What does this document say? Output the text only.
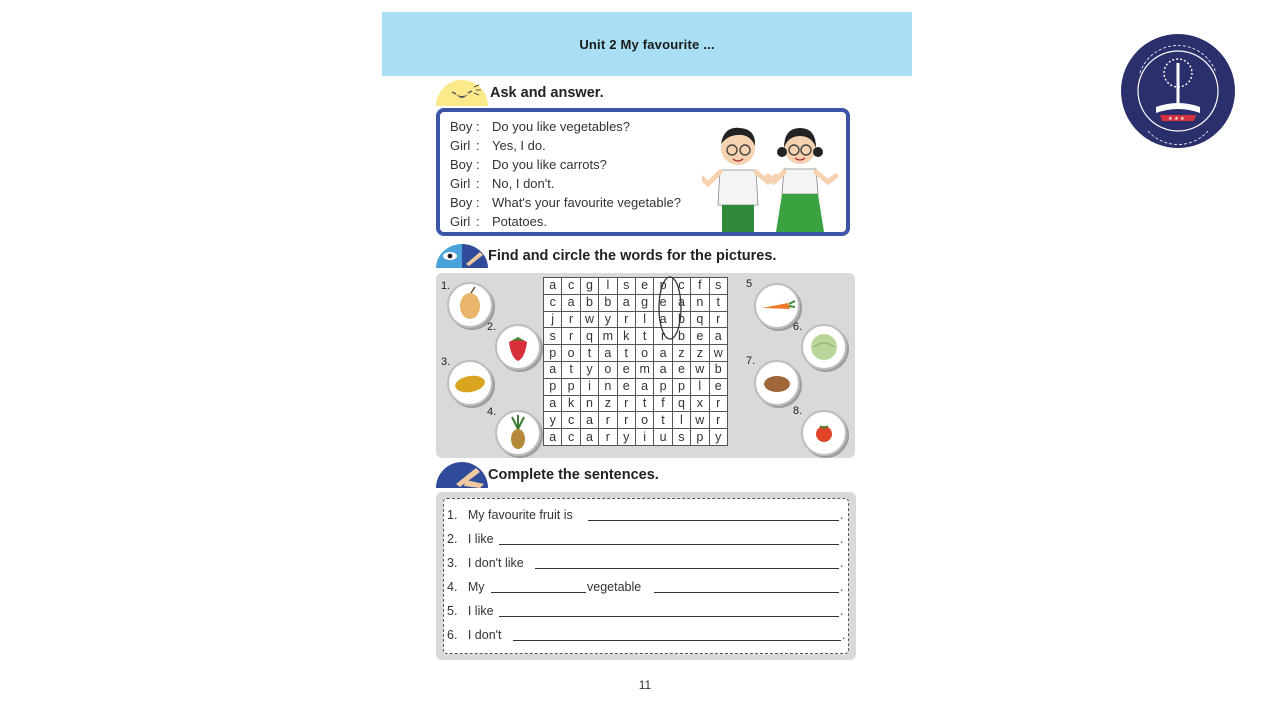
Unit 2 My favourite ...
Ask and answer.
Boy : Do you like vegetables?
Girl : Yes, I do.
Boy : Do you like carrots?
Girl : No, I don't.
Boy : What's your favourite vegetable?
Girl : Potatoes.
Find and circle the words for the pictures.
a	c	g	l	s	e	p	c	f	s
c	a	b	b	a	g	e	a	n	t
j	r	w	y	r	l	a	b	q	r
s	r	q	m	k	t	r	b	e	a
p	o	t	a	t	o	a	z	z	w
a	t	y	o	e	m	a	e	w	b
p	p	i	n	e	a	p	p	l	e
a	k	n	z	r	t	f	q	x	r
y	c	a	r	r	o	t	l	w	r
a	c	a	r	y	i	u	s	p	y
1.
2.
3.
4.
5
6.
7.
8.
Complete the sentences.
1. My favourite fruit is	.
2. I like	.
3. I don't like	.
4. My	vegetable	.
5. I like	.
6. I don't	.
11
★ ★ ★
